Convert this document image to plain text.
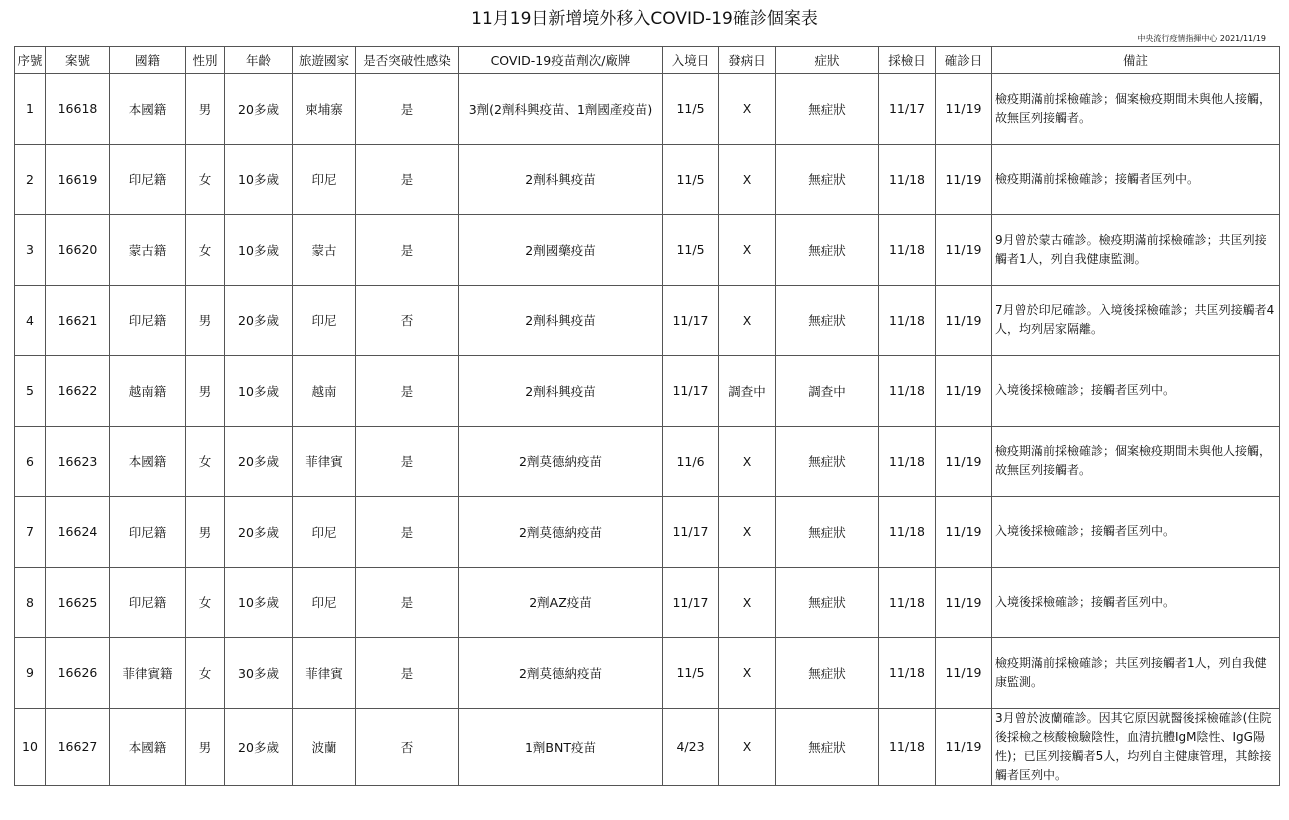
11月19日新增境外移入COVID-19確診個案表
中央流行疫情指揮中心 2021/11/19
序號	案號	國籍	性別	年齡	旅遊國家	是否突破性感染	COVID-19疫苗劑次/廠牌	入境日	發病日	症狀	採檢日	確診日	備註
1	16618	本國籍	男	20多歲	柬埔寨	是	3劑(2劑科興疫苗、1劑國產疫苗)	11/5	X	無症狀	11/17	11/19	檢疫期滿前採檢確診；個案檢疫期間未與他人接觸，故無匡列接觸者。
2	16619	印尼籍	女	10多歲	印尼	是	2劑科興疫苗	11/5	X	無症狀	11/18	11/19	檢疫期滿前採檢確診；接觸者匡列中。
3	16620	蒙古籍	女	10多歲	蒙古	是	2劑國藥疫苗	11/5	X	無症狀	11/18	11/19	9月曾於蒙古確診。檢疫期滿前採檢確診；共匡列接觸者1人，列自我健康監測。
4	16621	印尼籍	男	20多歲	印尼	否	2劑科興疫苗	11/17	X	無症狀	11/18	11/19	7月曾於印尼確診。入境後採檢確診；共匡列接觸者4人，均列居家隔離。
5	16622	越南籍	男	10多歲	越南	是	2劑科興疫苗	11/17	調查中	調查中	11/18	11/19	入境後採檢確診；接觸者匡列中。
6	16623	本國籍	女	20多歲	菲律賓	是	2劑莫德納疫苗	11/6	X	無症狀	11/18	11/19	檢疫期滿前採檢確診；個案檢疫期間未與他人接觸，故無匡列接觸者。
7	16624	印尼籍	男	20多歲	印尼	是	2劑莫德納疫苗	11/17	X	無症狀	11/18	11/19	入境後採檢確診；接觸者匡列中。
8	16625	印尼籍	女	10多歲	印尼	是	2劑AZ疫苗	11/17	X	無症狀	11/18	11/19	入境後採檢確診；接觸者匡列中。
9	16626	菲律賓籍	女	30多歲	菲律賓	是	2劑莫德納疫苗	11/5	X	無症狀	11/18	11/19	檢疫期滿前採檢確診；共匡列接觸者1人，列自我健康監測。
10	16627	本國籍	男	20多歲	波蘭	否	1劑BNT疫苗	4/23	X	無症狀	11/18	11/19	3月曾於波蘭確診。因其它原因就醫後採檢確診(住院後採檢之核酸檢驗陰性，血清抗體IgM陰性、IgG陽性)；已匡列接觸者5人，均列自主健康管理，其餘接觸者匡列中。
